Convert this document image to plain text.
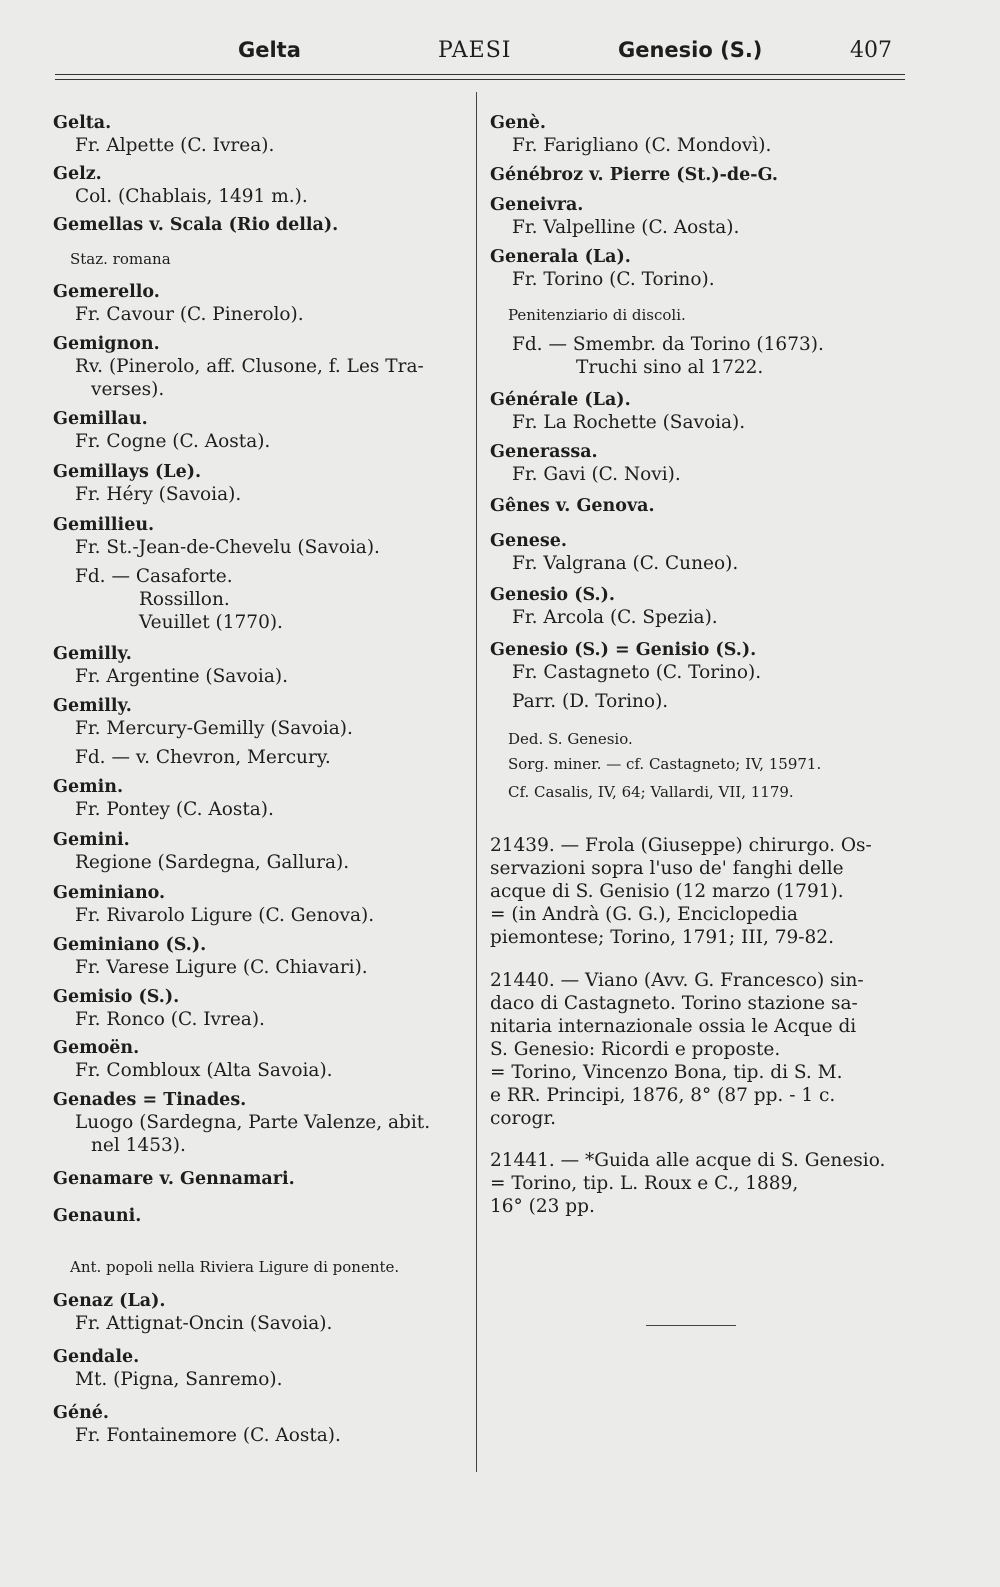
Gelta	PAESI	Genesio (S.)	407
Gelta.
Fr. Alpette (C. Ivrea).
Gelz.
Col. (Chablais, 1491 m.).
Gemellas v. Scala (Rio della).
Staz. romana
Gemerello.
Fr. Cavour (C. Pinerolo).
Gemignon.
Rv. (Pinerolo, aff. Clusone, f. Les Tra-
verses).
Gemillau.
Fr. Cogne (C. Aosta).
Gemillays (Le).
Fr. Héry (Savoia).
Gemillieu.
Fr. St.-Jean-de-Chevelu (Savoia).
Fd. — Casaforte.
Rossillon.
Veuillet (1770).
Gemilly.
Fr. Argentine (Savoia).
Gemilly.
Fr. Mercury-Gemilly (Savoia).
Fd. — v. Chevron, Mercury.
Gemin.
Fr. Pontey (C. Aosta).
Gemini.
Regione (Sardegna, Gallura).
Geminiano.
Fr. Rivarolo Ligure (C. Genova).
Geminiano (S.).
Fr. Varese Ligure (C. Chiavari).
Gemisio (S.).
Fr. Ronco (C. Ivrea).
Gemoën.
Fr. Combloux (Alta Savoia).
Genades = Tinades.
Luogo (Sardegna, Parte Valenze, abit.
nel 1453).
Genamare v. Gennamari.
Genauni.
Ant. popoli nella Riviera Ligure di ponente.
Genaz (La).
Fr. Attignat-Oncin (Savoia).
Gendale.
Mt. (Pigna, Sanremo).
Géné.
Fr. Fontainemore (C. Aosta).
Genè.
Fr. Farigliano (C. Mondovì).
Génébroz v. Pierre (St.)-de-G.
Geneivra.
Fr. Valpelline (C. Aosta).
Generala (La).
Fr. Torino (C. Torino).
Penitenziario di discoli.
Fd. — Smembr. da Torino (1673).
Truchi sino al 1722.
Générale (La).
Fr. La Rochette (Savoia).
Generassa.
Fr. Gavi (C. Novi).
Gênes v. Genova.
Genese.
Fr. Valgrana (C. Cuneo).
Genesio (S.).
Fr. Arcola (C. Spezia).
Genesio (S.) = Genisio (S.).
Fr. Castagneto (C. Torino).
Parr. (D. Torino).
Ded. S. Genesio.
Sorg. miner. — cf. Castagneto; IV, 15971.
Cf. Casalis, IV, 64; Vallardi, VII, 1179.
21439. — Frola (Giuseppe) chirurgo. Os-
servazioni sopra l'uso de' fanghi delle
acque di S. Genisio (12 marzo (1791).
= (in Andrà (G. G.), Enciclopedia
piemontese; Torino, 1791; III, 79-82.
21440. — Viano (Avv. G. Francesco) sin-
daco di Castagneto. Torino stazione sa-
nitaria internazionale ossia le Acque di
S. Genesio: Ricordi e proposte.
= Torino, Vincenzo Bona, tip. di S. M.
e RR. Principi, 1876, 8° (87 pp. - 1 c.
corogr.
21441. — *Guida alle acque di S. Genesio.
= Torino, tip. L. Roux e C., 1889,
16° (23 pp.
